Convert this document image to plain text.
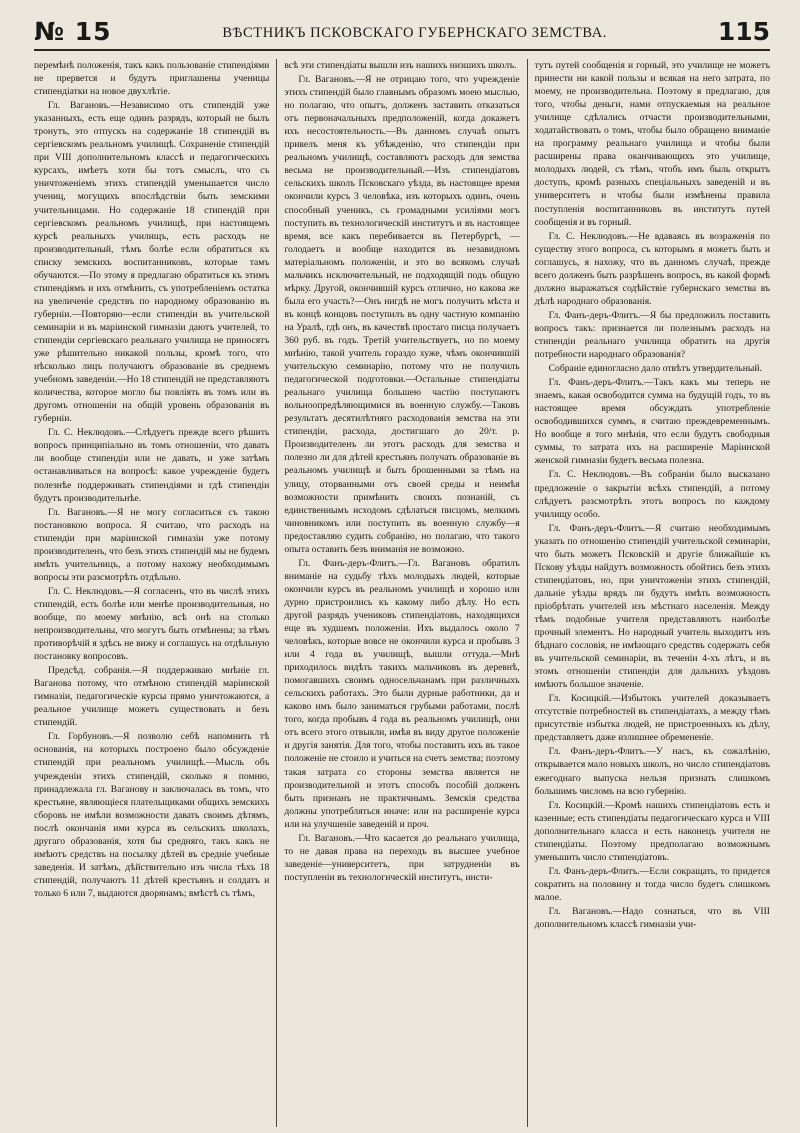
№ 15	ВѢСТНИКЪ ПСКОВСКАГО ГУБЕРНСКАГО ЗЕМСТВА.	115

перемѣнѣ положенія, такъ какъ пользованіе стипендіями не прервется и будутъ приглашены ученицы стипендіатки на новое двухлѣтіе.

Гл. Вагановъ.—Независимо отъ стипендій уже указанныхъ, есть еще одинъ разрядъ, который не былъ тронутъ, это отпускъ на содержаніе 18 стипендій въ сергіевскомъ реальномъ училищѣ. Сохраненіе стипендій при VIII дополнительномъ классѣ и педагогическихъ курсахъ, имѣетъ хотя бы тотъ смыслъ, что съ уничтоженіемъ этихъ стипендій уменьшается число учениц, могущихъ впослѣдствіи быть земскими учительницами. Но содержаніе 18 стипендій при сергіевскомъ реальномъ училищѣ, при настоящемъ курсѣ реальныхъ училищъ, есть расходъ не производительный, тѣмъ болѣе если обратиться къ списку земскихъ воспитанниковъ, которые тамъ обучаются.—По этому я предлагаю обратиться къ этимъ стипендіямъ и ихъ отмѣнить, съ употребленіемъ остатка на увеличеніе средствъ по народному образованію въ губерніи.—Повторяю—если стипендіи въ учительской семинаріи и въ маріинской гимназіи даютъ учителей, то стипендіи сергіевскаго реальнаго училища не приносятъ уже рѣшительно никакой пользы, кромѣ того, что нѣсколько лицъ получаютъ образованіе въ среднемъ учебномъ заведеніи.—Но 18 стипендій не представляютъ количества, которое могло бы повліять въ томъ или въ другомъ отношеніи на общій уровень образованія въ губерніи.

Гл. С. Неклюдовъ.—Слѣдуетъ прежде всего рѣшить вопросъ принципіально въ томъ отношеніи, что давать ли вообще стипендіи или не давать, и уже затѣмъ останавливаться на вопросѣ: какое учрежденіе будетъ полезнѣе поддерживать стипендіями и гдѣ стипендіи будутъ производительнѣе.

Гл. Вагановъ.—Я не могу согласиться съ такою постановкою вопроса. Я считаю, что расходъ на стипендіи при маріинской гимназіи уже потому производителенъ, что безъ этихъ стипендій мы не будемъ имѣть учительницъ, а потому нахожу необходимымъ вопросы эти разсмотрѣть отдѣльно.

Гл. С. Неклюдовъ.—Я согласенъ, что въ числѣ этихъ стипендій, есть болѣе или менѣе производительныя, но вообще, по моему мнѣнію, всѣ онѣ на столько непроизводительны, что могутъ быть отмѣнены; за тѣмъ противорѣчій я здѣсь не вижу и соглашусь на отдѣльную постановку вопросовъ.

Предсѣд. собранія.—Я поддерживаю мнѣніе гл. Ваганова потому, что отмѣною стипендій маріинской гимназіи, педагогическіе курсы прямо уничтожаются, а реальное училище можетъ существовать и безъ стипендій.

Гл. Горбуновъ.—Я позволю себѣ напомнить тѣ основанія, на которыхъ построено было обсужденіе стипендій при реальномъ училищѣ.—Мысль объ учрежденіи этихъ стипендій, сколько я помню, принадлежала гл. Ваганову и заключалась въ томъ, что крестьяне, являющіеся плательщиками общихъ земскихъ сборовъ не имѣли возможности давать своимъ дѣтямъ, послѣ окончанія ими курса въ сельскихъ школахъ, другаго образованія, хотя бы средняго, такъ какъ не имѣютъ средствъ на посылку дѣтей въ средніе учебные заведенія. И затѣмъ, дѣйствительно изъ числа тѣхъ 18 стипендій, получаютъ 11 дѣтей крестьянъ и солдатъ и только 6 или 7, выдаются дворянамъ; вмѣстѣ съ тѣмъ,

всѣ эти стипендіаты вышли изъ нашихъ низшихъ школъ.

Гл. Вагановъ.—Я не отрицаю того, что учрежденіе этихъ стипендій было главнымъ образомъ моею мыслью, но полагаю, что опытъ, долженъ заставить отказаться отъ первоначальныхъ предположеній, когда докажетъ ихъ несостоятельность.—Въ данномъ случаѣ опытъ привелъ меня къ убѣжденію, что стипендіи при реальномъ училищѣ, составляютъ расходъ для земства весьма не производительный.—Изъ стипендіатовъ сельскихъ школъ Псковскаго уѣзда, въ настоящее время окончили курсъ 3 человѣка, изъ которыхъ одинъ, очень способный ученикъ, съ громадными усиліями могъ поступить въ технологическій институтъ и въ настоящее время, все какъ перебивается въ Петербургѣ, — голодаетъ и вообще находится въ незавидномъ матеріальномъ положеніи, и это во всякомъ случаѣ мальчикъ исключительный, не подходящій подъ общую мѣрку. Другой, окончившій курсъ отлично, но какова же была его участь?—Онъ нигдѣ не могъ получить мѣста и въ концѣ концовъ поступилъ въ одну частную компанію на Уралѣ, гдѣ онъ, въ качествѣ простаго писца получаетъ 360 руб. въ годъ. Третій учительствуетъ, но по моему мнѣнію, такой учитель гораздо хуже, чѣмъ окончившій учительскую семинарію, потому что не получилъ педагогической подготовки.—Остальные стипендіаты реальнаго училища большею частію поступаютъ вольноопредѣляющимися въ военную службу.—Таковъ результатъ десятилѣтняго расходованія земства на эти стипендіи, расхода, достигшаго до 20/т. р. Производителенъ ли этотъ расходъ для земства и полезно ли для дѣтей крестьянъ получать образованіе въ реальномъ училищѣ и быть брошенными за тѣмъ на улицу, оторванными отъ своей среды и неимѣя возможности примѣнить своихъ познаній, съ единственнымъ исходомъ сдѣлаться писцомъ, мелкимъ чиновникомъ или поступить въ военную службу—я предоставляю судить собранію, но полагаю, что такого опыта оставить безъ вниманія не возможно.

Гл. Фанъ-деръ-Флитъ.—Гл. Вагановъ обратилъ вниманіе на судьбу тѣхъ молодыхъ людей, которые окончили курсъ въ реальномъ училищѣ и хорошо или дурно пристроились къ какому либо дѣлу. Но есть другой разрядъ учениковъ стипендіатовъ, находящихся еще въ худшемъ положеніи. Ихъ выдалось около 7 человѣкъ, которые вовсе не окончили курса и пробывъ 3 или 4 года въ училищѣ, вышли оттуда.—Мнѣ приходилось видѣть такихъ мальчиковъ въ деревнѣ, помогавшихъ своимъ односельчанамъ при различныхъ сельскихъ работахъ. Это были дурные работники, да и каково имъ было заниматься грубыми работами, послѣ того, когда пробывъ 4 года въ реальномъ училищѣ, они отъ всего этого отвыкли, имѣя въ виду другое положеніе и другія занятія. Для того, чтобы поставить ихъ въ такое положеніе не стоило и учиться на счетъ земства; поэтому такая затрата со стороны земства является не производительной и этотъ способъ пособій долженъ быть признанъ не практичнымъ. Земскія средства должны употребляться иначе: или на расширеніе курса или на улучшеніе заведеній и проч.

Гл. Вагановъ.—Что касается до реальнаго училища, то не давая права на переходъ въ высшее учебное заведеніе—университетъ, при затрудненіи въ поступленіи въ технологическій институтъ, инсти-

тутъ путей сообщенія и горный, это училище не можетъ принести ни какой пользы и всякая на него затрата, по моему, не производительна. Поэтому я предлагаю, для того, чтобы деньги, нами отпускаемыя на реальное училище сдѣлались отчасти производительными, ходатайствовать о томъ, чтобы было обращено вниманіе на программу реальнаго училища и чтобы были расширены права оканчивающихъ это училище, молодыхъ людей, съ тѣмъ, чтобъ имъ быль открытъ доступъ, кромѣ разныхъ спеціальныхъ заведеній и въ университетъ и чтобы были измѣнены правила поступленія воспитанниковъ въ институтъ путей сообщенія и въ горный.

Гл. С. Неклюдовъ.—Не вдаваясь въ возраженія по существу этого вопроса, съ которымъ я можетъ быть и соглашусь, я нахожу, что въ данномъ случаѣ, прежде всего долженъ быть разрѣшенъ вопросъ, въ какой формѣ должно выражаться содѣйствіе губернскаго земства въ дѣлѣ народнаго образованія.

Гл. Фанъ-деръ-Флитъ.—Я бы предложилъ поставить вопросъ такъ: признается ли полезнымъ расходъ на стипендіи реальнаго училища обратить на другія потребности народнаго образованія?

Собраніе единогласно дало отвѣтъ утвердительный.

Гл. Фанъ-деръ-Флитъ.—Такъ какъ мы теперь не знаемъ, какая освободится сумма на будущій годъ, то въ настоящее время обсуждать употребленіе освободившихся суммъ, я считаю преждевременнымъ. Но вообще я того мнѣнія, что если будутъ свободныя суммы, то затрата ихъ на расширеніе Маріинской женской гимназіи будетъ весьма полезна.

Гл. С. Неклюдовъ.—Въ собраніи было высказано предложеніе о закрытіи всѣхъ стипендій, а потому слѣдуетъ разсмотрѣть этотъ вопросъ по каждому училищу особо.

Гл. Фанъ-деръ-Флитъ.—Я считаю необходимымъ указать по отношенію стипендій учительской семинаріи, что быть можетъ Псковскій и другіе ближайшіе къ Пскову уѣзды найдутъ возможность обойтись безъ этихъ стипендіатовъ, но, при уничтоженіи этихъ стипендій, дальніе уѣзды врядъ ли будутъ имѣть возможность пріобрѣтать учителей изъ мѣстнаго населенія. Между тѣмъ подобные учителя представляютъ наиболѣе прочный элементъ. Но народный учитель выходитъ изъ бѣднаго сословія, не имѣющаго средствъ содержать себя въ учительской семинаріи, въ теченіи 4-хъ лѣтъ, и въ этомъ отношеніи стипендіи для дальнихъ уѣздовъ имѣютъ большое значеніе.

Гл. Косицкій.—Избытокъ учителей доказываетъ отсутствіе потребностей въ стипендіатахъ, а между тѣмъ присутствіе избытка людей, не пристроенныхъ къ дѣлу, представляетъ даже излишнее обремененіе.

Гл. Фанъ-деръ-Флитъ.—У насъ, къ сожалѣнію, открывается мало новыхъ школъ, но число стипендіатовъ ежегоднаго выпуска нельзя признать слишкомъ большимъ числомъ на всю губернію.

Гл. Косицкій.—Кромѣ нашихъ стипендіатовъ есть и казенные; есть стипендіаты педагогическаго курса и VIII дополнительнаго класса и есть наконецъ учителя не стипендіаты. Поэтому предполагаю возможнымъ уменьшить число стипендіатовъ.

Гл. Фанъ-деръ-Флитъ.—Если сокращать, то придется сократить на половину и тогда число будетъ слишкомъ малое.

Гл. Вагановъ.—Надо сознаться, что въ VIII дополнительномъ классѣ гимназіи учи-
